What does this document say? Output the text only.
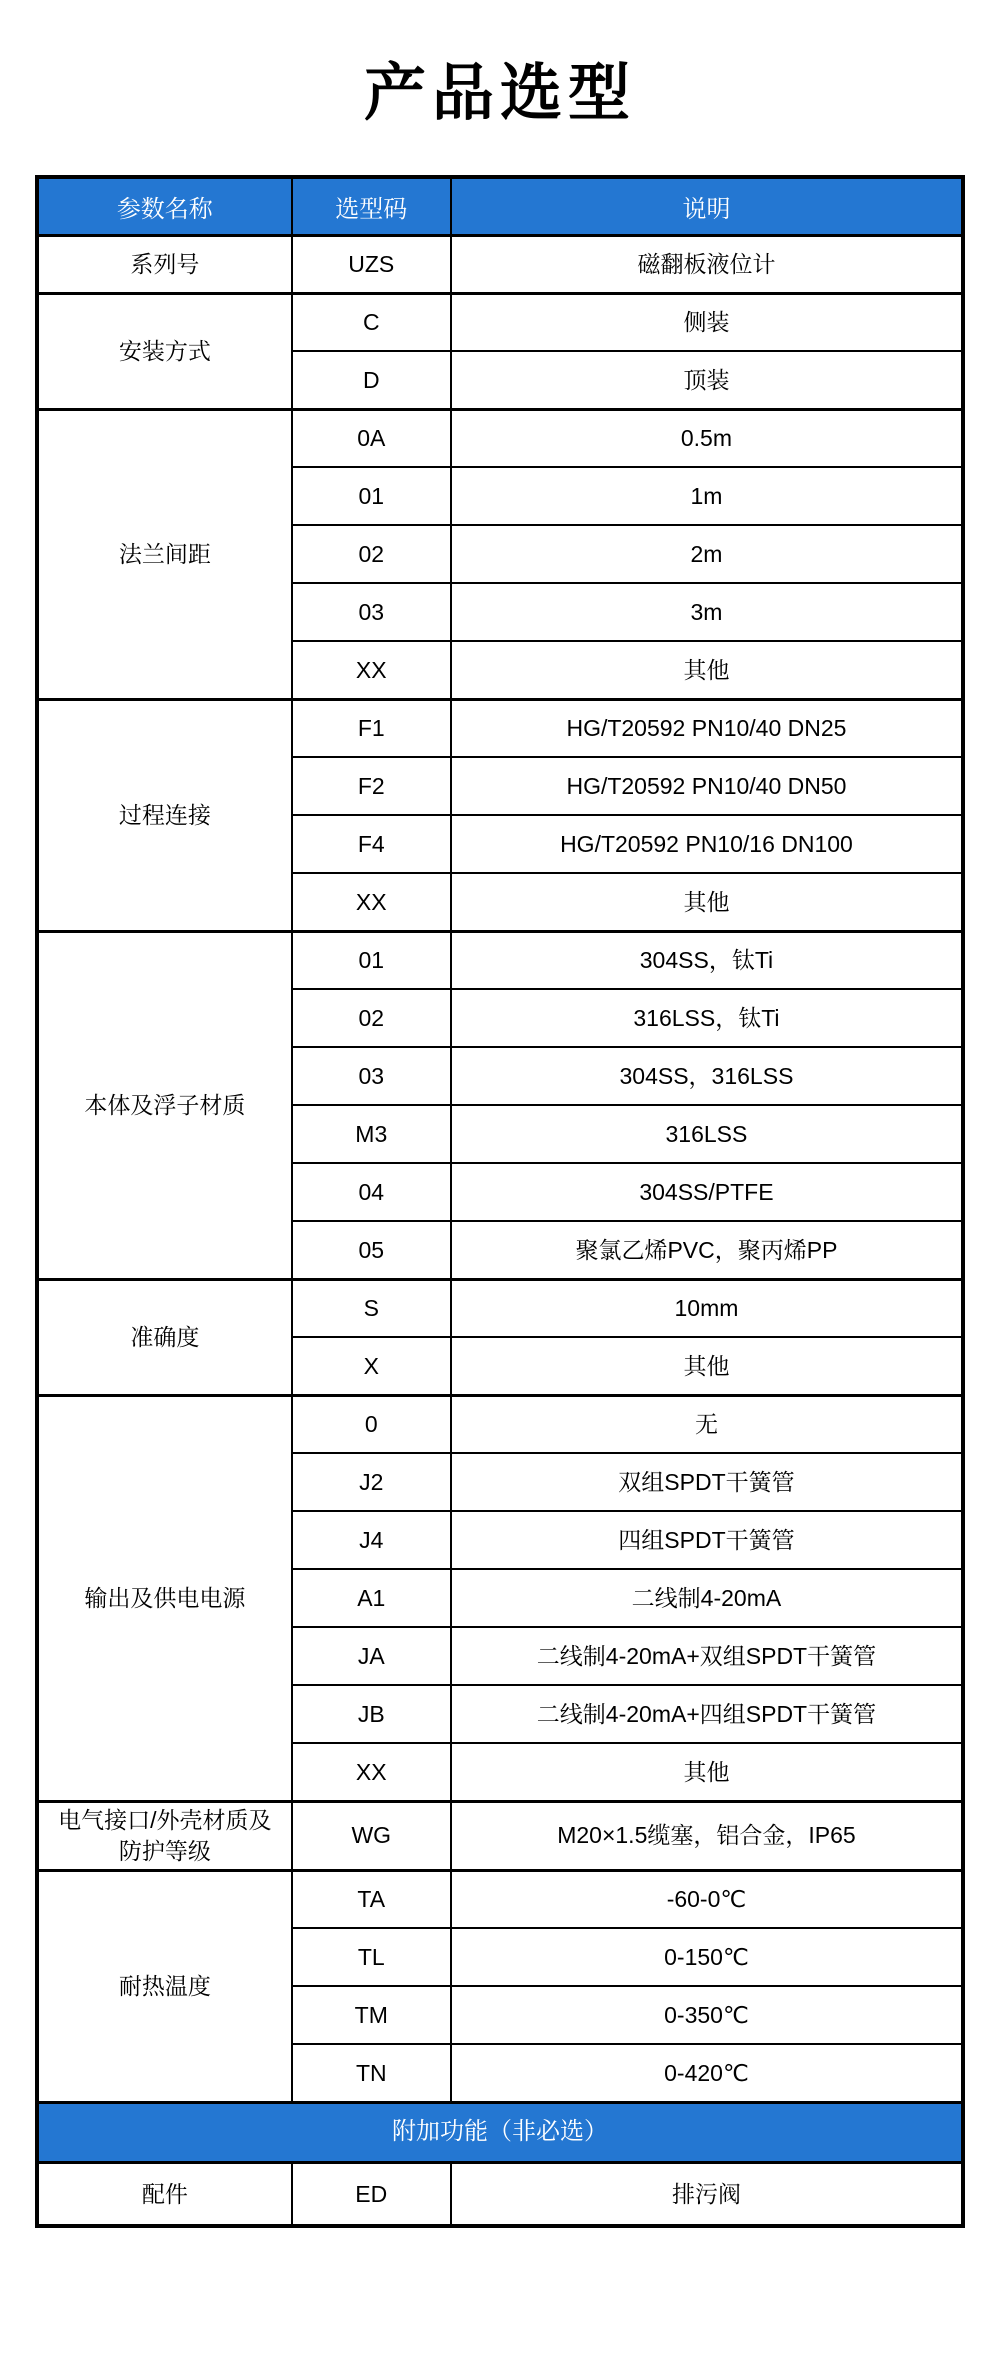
产品选型
参数名称	选型码	说明
系列号	UZS	磁翻板液位计
安装方式	C	侧装
	D	顶装
法兰间距	0A	0.5m
	01	1m
	02	2m
	03	3m
	XX	其他
过程连接	F1	HG/T20592 PN10/40 DN25
	F2	HG/T20592 PN10/40 DN50
	F4	HG/T20592 PN10/16 DN100
	XX	其他
本体及浮子材质	01	304SS，钛Ti
	02	316LSS，钛Ti
	03	304SS，316LSS
	M3	316LSS
	04	304SS/PTFE
	05	聚氯乙烯PVC，聚丙烯PP
准确度	S	10mm
	X	其他
输出及供电电源	0	无
	J2	双组SPDT干簧管
	J4	四组SPDT干簧管
	A1	二线制4-20mA
	JA	二线制4-20mA+双组SPDT干簧管
	JB	二线制4-20mA+四组SPDT干簧管
	XX	其他
电气接口/外壳材质及防护等级	WG	M20×1.5缆塞，铝合金，IP65
耐热温度	TA	-60-0℃
	TL	0-150℃
	TM	0-350℃
	TN	0-420℃
附加功能（非必选）		
配件	ED	排污阀
